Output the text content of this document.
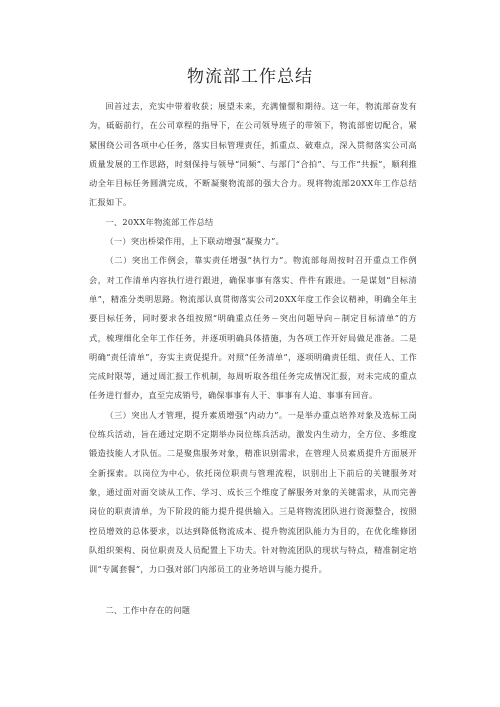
物流部工作总结

回首过去，充实中带着收获；展望未来，充满憧憬和期待。这一年，物流部奋发有为，砥砺前行，在公司章程的指导下，在公司领导班子的带领下，物流部密切配合，紧紧围绕公司各项中心任务，落实目标管理责任，抓重点、破难点，深入贯彻落实公司高质量发展的工作思路，时刻保持与领导“同频”、与部门“合拍”、与工作“共振”，顺利推动全年目标任务圆满完成，不断凝聚物流部的强大合力。现将物流部20XX年工作总结汇报如下。

一、20XX年物流部工作总结

（一）突出桥梁作用，上下联动增强“凝聚力”。

（二）突出工作例会，靠实责任增强“执行力”。物流部每周按时召开重点工作例会，对工作清单内容执行进行跟进，确保事事有落实、件件有跟进。一是谋划“目标清单”，精准分类明思路。物流部认真贯彻落实公司20XX年度工作会议精神，明确全年主要目标任务，同时要求各组按照“明确重点任务－突出问题导向－制定目标清单”的方式，梳理细化全年工作任务，并逐项明确具体措施，为各项工作开好局做足准备。二是明确“责任清单”，夯实主责促提升。对照“任务清单”，逐项明确责任组、责任人、工作完成时限等，通过周汇报工作机制，每周听取各组任务完成情况汇报，对未完成的重点任务进行督办，直至完成销号，确保事事有人干、事事有人追、事事有回音。

（三）突出人才管理，提升素质增强“内动力”。一是举办重点培养对象及选标工岗位练兵活动，旨在通过定期不定期举办岗位练兵活动，激发内生动力，全方位、多维度锻造技能人才队伍。二是聚焦服务对象，精准识别需求，在管理人员素质提升方面展开全新探索。以岗位为中心，依托岗位职责与管理流程，识别出上下前后的关键服务对象，通过面对面交谈从工作、学习、成长三个维度了解服务对象的关键需求，从而完善岗位的职责清单，为下阶段的能力提升提供输入。三是将物流团队进行资源整合，按照控员增效的总体要求，以达到降低物流成本、提升物流团队能力为目的，在优化维修团队组织架构、岗位职责及人员配置上下功夫。针对物流团队的现状与特点，精准制定培训“专属套餐”，力口强对部门内部员工的业务培训与能力提升。

二、工作中存在的问题
